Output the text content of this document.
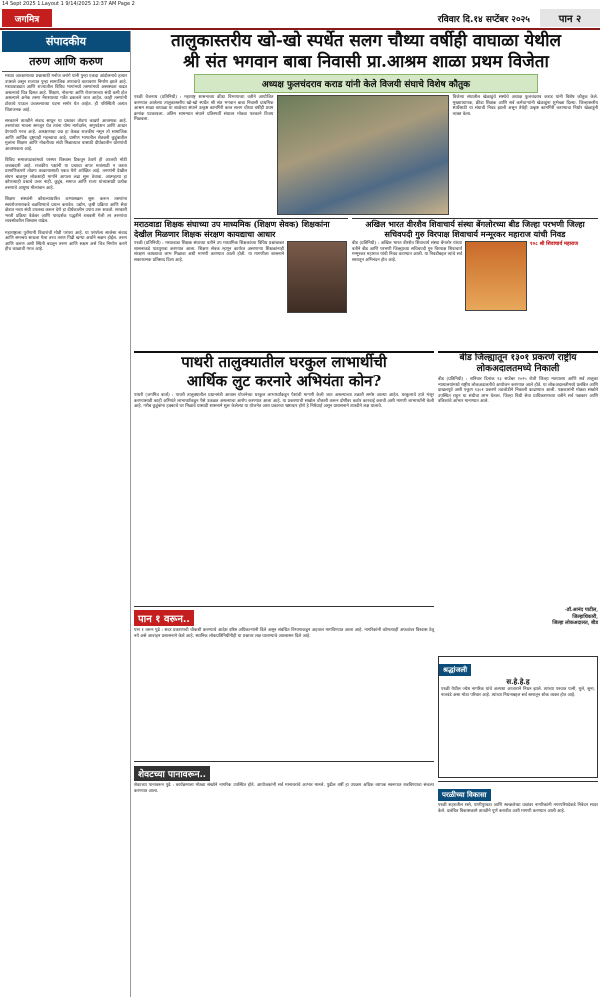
14 Sept 2025 1.Layout 1 9/14/2025 12:37 AM Page 2
जगमित्र	रविवार दि.१४ सप्टेंबर २०२५	पान २
संपादकीय
तरुण आणि करुण
मराठा आरक्षणाच्या प्रश्नासाठी मनोज जरांगे यांनी पुन्हा एकदा आंदोलनाचे हत्यार उपसले असून राज्यात पुन्हा सामाजिक तणावाचे वातावरण निर्माण झाले आहे. मराठवाड्यात आणि राज्यातील विविध भागांमध्ये तरुणांमध्ये अस्वस्थता वाढत असल्याचे चित्र दिसत आहे. शिक्षण, नोकऱ्या आणि रोजगाराच्या संधी कमी होत असल्याने अनेक तरुण नैराश्याच्या गर्तेत ढकलले जात आहेत. काही तरुणांनी टोकाचे पाऊल उचलल्याच्या घटना समोर येत आहेत. ही परिस्थिती अत्यंत चिंताजनक आहे.

सरकारने तातडीने संवाद साधून या प्रश्नावर तोडगा काढणे आवश्यक आहे. तरुणांच्या भावना समजून घेत त्यांना योग्य मार्गदर्शन, समुपदेशन आणि आधार देण्याची गरज आहे. आरक्षणाचा प्रश्न हा केवळ राजकीय नसून तो सामाजिक आणि आर्थिक दृष्ट्याही महत्त्वाचा आहे. ग्रामीण भागातील शेतकरी कुटुंबातील मुलांना शिक्षण आणि नोकरीच्या संधी मिळाव्यात यासाठी दीर्घकालीन धोरणांची आवश्यकता आहे.

विविध समाजघटकांमध्ये परस्पर विश्वास टिकवून ठेवणे ही आजची मोठी जबाबदारी आहे. राजकीय पक्षांनी या प्रश्नाचा वापर मतांसाठी न करता प्रामाणिकपणे तोडगा काढण्यासाठी एकत्र येणे अपेक्षित आहे. तरुणांनी देखील संयम बाळगून लोकशाही मार्गाने आपला लढा सुरू ठेवावा. आत्महत्या हा कोणत्याही प्रश्नाचे उत्तर नाही. कुटुंब, समाज आणि राज्य यांच्यासाठी प्रत्येक तरुणाचे आयुष्य मौल्यवान आहे.

शिक्षण संस्थांनी कौशल्याधारित अभ्यासक्रम सुरू करून तरुणांना स्वयंरोजगाराकडे वळविण्याचे प्रयत्न करावेत. उद्योग, कृषी प्रक्रिया आणि सेवा क्षेत्रात नव्या संधी उपलब्ध करून देणे हा दीर्घकालीन उपाय ठरू शकतो. सरकारी भरती प्रक्रिया वेळेवर आणि पारदर्शक पद्धतीने राबवली गेली तर तरुणांचा व्यवस्थेवरील विश्वास वाढेल.

महाराष्ट्राला पुरोगामी विचारांची मोठी परंपरा आहे. या परंपरेला साजेसा संवाद आणि समन्वय साधला गेला तरच तरुण पिढी खऱ्या अर्थाने सक्षम होईल. तरुण आणि करुण अशी स्थिती बदलून तरुण आणि सक्षम असे चित्र निर्माण करणे हीच काळाची गरज आहे.
तालुकास्तरीय खो-खो स्पर्धेत सलग चौथ्या वर्षीही वाघाळा येथील
श्री संत भगवान बाबा निवासी प्रा.आश्रम शाळा प्रथम विजेता
अध्यक्ष फुलचंदराव कराड यांनी केले विजयी संघाचे विशेष कौतुक
परळी वैजनाथ (प्रतिनिधी) : महाराष्ट्र शासनाच्या क्रीडा विभागाच्या वतीने आयोजित करण्यात आलेल्या तालुकास्तरीय खो-खो स्पर्धेत श्री संत भगवान बाबा निवासी प्राथमिक आश्रम शाळा वाघाळा या शाळेच्या संघाने उत्कृष्ट कामगिरी करत सलग चौथ्या वर्षीही प्रथम क्रमांक पटकावला. अंतिम सामन्यात संघाने प्रतिस्पर्धी संघावर मोठ्या फरकाने विजय मिळवला.
विजेत्या संघातील खेळाडूंचे संस्थेचे अध्यक्ष फुलचंदराव कराड यांनी विशेष कौतुक केले. मुख्याध्यापक, क्रीडा शिक्षक आणि सर्व कर्मचाऱ्यांनी खेळाडूंना शुभेच्छा दिल्या. जिल्हास्तरीय स्पर्धेसाठी या संघाची निवड झाली असून तेथेही उत्कृष्ट कामगिरी करण्याचा निर्धार खेळाडूंनी व्यक्त केला.
मराठवाडा शिक्षक संघाच्या उप माध्यमिक (शिक्षण सेवक) शिक्षकांना देखील मिळणार शिक्षक संरक्षण कायद्याचा आधार
परळी (प्रतिनिधी) : मराठवाडा शिक्षक संघाच्या वतीने उप माध्यमिक शिक्षकांच्या विविध प्रश्नांबाबत शासनाकडे पाठपुरावा करण्यात आला. शिक्षण सेवक म्हणून कार्यरत असणाऱ्या शिक्षकांनाही संरक्षण कायद्याचा लाभ मिळावा अशी मागणी करण्यात आली होती. या मागणीला शासनाने सकारात्मक प्रतिसाद दिला आहे.
अखिल भारत वीरशैव शिवाचार्य संस्था बेंगलोरच्या बीड जिल्हा परभणी जिल्हा सचिवपदी गुरु विरपाक्ष शिवाचार्य मन्मूरकर महाराज यांची निवड
बीड (प्रतिनिधी) : अखिल भारत वीरशैव शिवाचार्य संस्था बेंगलोर यांच्या वतीने बीड आणि परभणी जिल्ह्याच्या सचिवपदी गुरु विरपाक्ष शिवाचार्य मन्मूरकर महाराज यांची निवड करण्यात आली. या निवडीबद्दल त्यांचे सर्व स्तरातून अभिनंदन होत आहे.
१०८ श्री शिवाचार्य महाराज
पाथरी तालुक्यातील घरकुल लाभार्थीची
आर्थिक लुट करनारे अभियंता कोन?
पाथरी (जगमित्र वार्ता) : पाथरी तालुक्यातील प्रधानमंत्री आवास योजनेच्या घरकुल लाभार्थ्यांकडून पैशांची मागणी केली जात असल्याच्या तक्रारी समोर आल्या आहेत. घरकुलाचे हप्ते मंजूर करण्यासाठी काही अभियंते लाभार्थ्यांकडून पैसे उकळत असल्याचा आरोप करण्यात आला आहे. या प्रकरणाची सखोल चौकशी करून दोषींवर कठोर कारवाई करावी अशी मागणी लाभार्थ्यांनी केली आहे. गरीब कुटुंबांना हक्काचे घर मिळावे यासाठी शासनाने सुरू केलेल्या या योजनेत अशा प्रकारचा भ्रष्टाचार होणे हे निषेधार्ह असून प्रशासनाने तातडीने लक्ष घालावे.
बीड जिल्ह्यातून १३०१ प्रकरणे राष्ट्रीय लोकअदालतमध्ये निकाली
बीड (प्रतिनिधी) : शनिवार दिनांक १३ सप्टेंबर २०२५ रोजी जिल्हा न्यायालय आणि सर्व तालुका न्यायालयांमध्ये राष्ट्रीय लोकअदालतीचे आयोजन करण्यात आले होते. या लोकअदालतीमध्ये प्रलंबित आणि दाखलपूर्व अशी एकूण १३०१ प्रकरणे तडजोडीने निकाली काढण्यात आली. पक्षकारांनी मोठ्या संख्येने उपस्थित राहून या संधीचा लाभ घेतला. जिल्हा विधी सेवा प्राधिकरणाच्या वतीने सर्व पक्षकार आणि वकिलांचे आभार मानण्यात आले.
-डॉ.आनंद पाटील,
जिल्हाधिकारी,
जिल्हा लोकअदालत, बीड
पान १ वरून..
पान १ वरून पुढे : सदर प्रकरणाची चौकशी करण्याचे आदेश वरिष्ठ अधिकाऱ्यांनी दिले असून संबंधित विभागाकडून अहवाल मागविण्यात आला आहे. नागरिकांनी कोणत्याही अफवांवर विश्वास ठेवू नये असे आवाहन प्रशासनाने केले आहे. स्थानिक लोकप्रतिनिधींनीही या प्रश्नावर लक्ष घालण्याचे आश्वासन दिले आहे.
शेवटच्या पानावरून..
शेवटच्या पानावरून पुढे : कार्यक्रमाला मोठ्या संख्येने नागरिक उपस्थित होते. आयोजकांनी सर्व मान्यवरांचे आभार मानले. पुढील वर्षी हा उपक्रम अधिक व्यापक स्वरूपात राबविण्याचा संकल्प करण्यात आला.
श्रद्धांजली
स.हे.हे.ह
परळी येथील ज्येष्ठ नागरिक यांचे अल्पशा आजाराने निधन झाले. त्यांच्या पश्चात पत्नी, मुले, सुना, नातवंडे असा मोठा परिवार आहे. त्यांच्या निधनाबद्दल सर्व स्तरातून शोक व्यक्त होत आहे.
परळीच्या विकासा
परळी शहरातील रस्ते, पाणीपुरवठा आणि स्वच्छतेच्या प्रश्नांवर नागरिकांनी नगरपरिषदेकडे निवेदन सादर केले. प्रलंबित विकासकामे तातडीने पूर्ण करावीत अशी मागणी करण्यात आली आहे.
